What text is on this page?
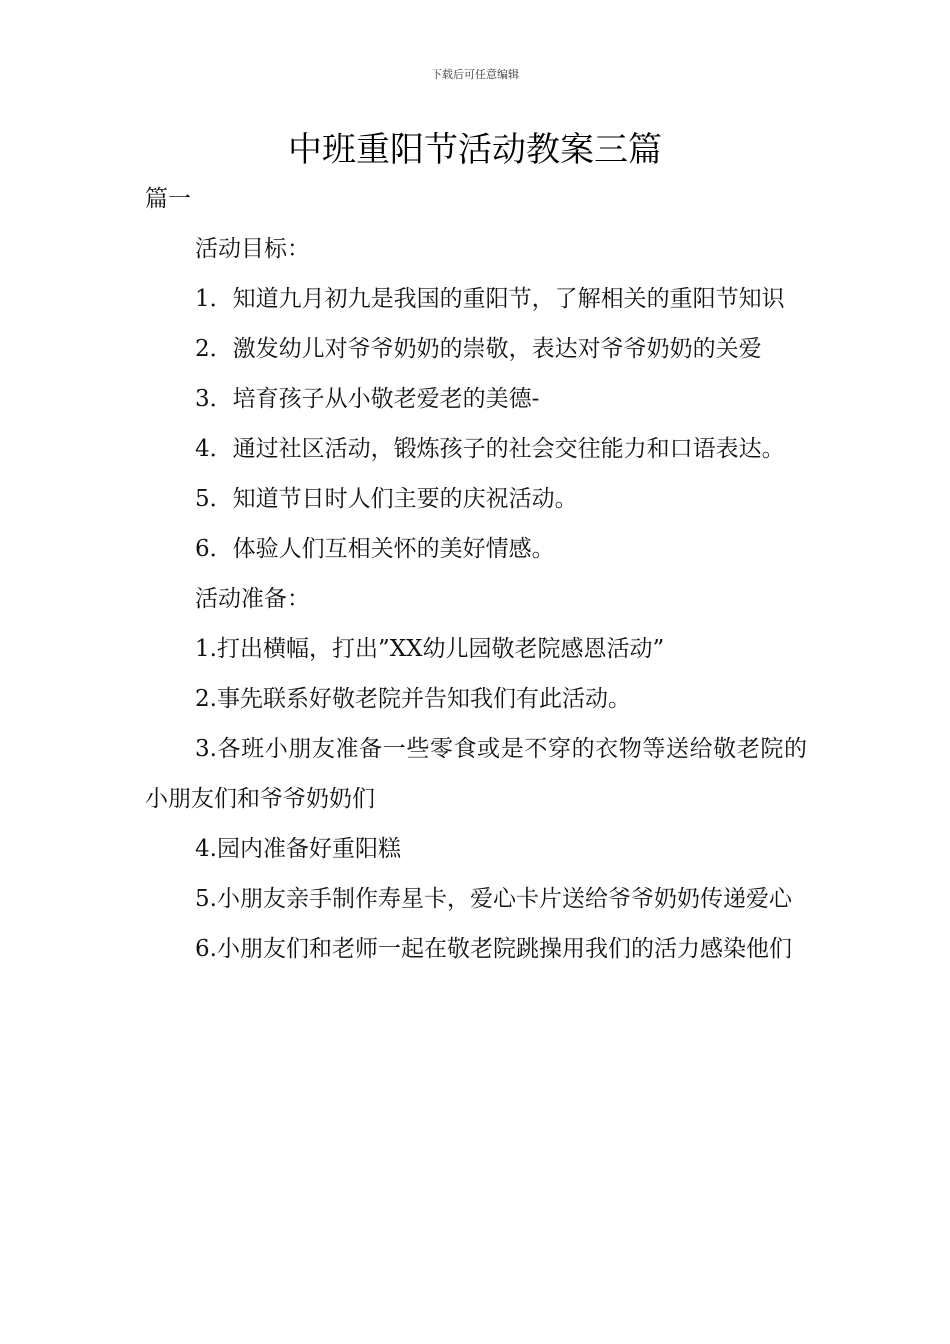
下载后可任意编辑
中班重阳节活动教案三篇

篇一

活动目标：

1．知道九月初九是我国的重阳节，了解相关的重阳节知识

2．激发幼儿对爷爷奶奶的崇敬，表达对爷爷奶奶的关爱

3．培育孩子从小敬老爱老的美德-

4．通过社区活动，锻炼孩子的社会交往能力和口语表达。

5．知道节日时人们主要的庆祝活动。

6．体验人们互相关怀的美好情感。

活动准备：

1.打出横幅，打出”XX幼儿园敬老院感恩活动”

2.事先联系好敬老院并告知我们有此活动。

3.各班小朋友准备一些零食或是不穿的衣物等送给敬老院的小朋友们和爷爷奶奶们

4.园内准备好重阳糕

5.小朋友亲手制作寿星卡，爱心卡片送给爷爷奶奶传递爱心

6.小朋友们和老师一起在敬老院跳操用我们的活力感染他们
